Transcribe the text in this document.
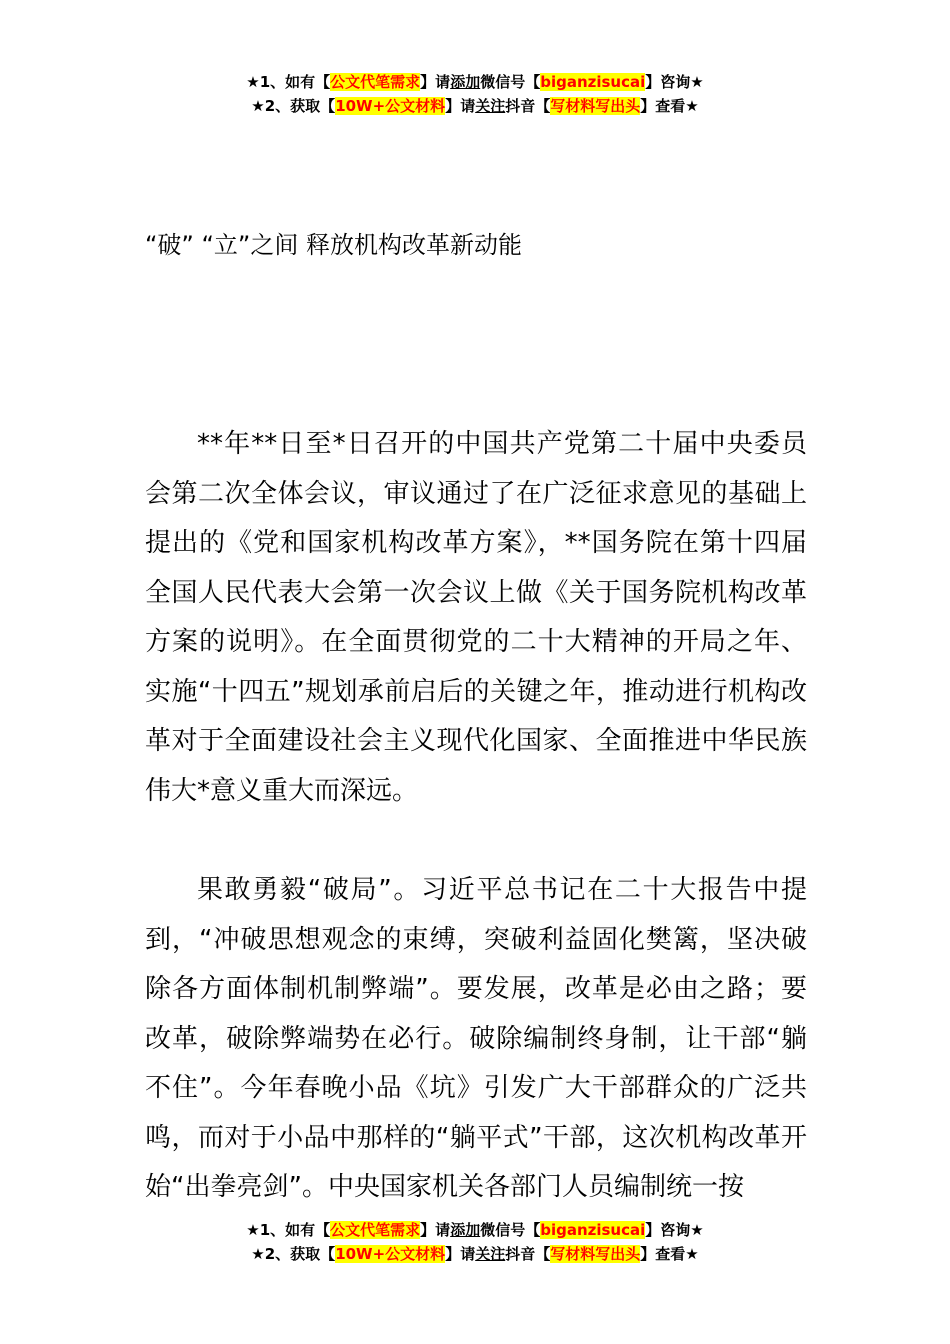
★1、如有【公文代笔需求】请添加微信号【biganzisucai】咨询★
★2、获取【10W+公文材料】请关注抖音【写材料写出头】查看★
“破” “立”之间 释放机构改革新动能

**年**日至*日召开的中国共产党第二十届中央委员会第二次全体会议，审议通过了在广泛征求意见的基础上提出的《党和国家机构改革方案》，**国务院在第十四届全国人民代表大会第一次会议上做《关于国务院机构改革方案的说明》。在全面贯彻党的二十大精神的开局之年、实施“十四五”规划承前启后的关键之年，推动进行机构改革对于全面建设社会主义现代化国家、全面推进中华民族伟大*意义重大而深远。

果敢勇毅“破局”。习近平总书记在二十大报告中提到，“冲破思想观念的束缚，突破利益固化樊篱，坚决破除各方面体制机制弊端”。要发展，改革是必由之路；要改革，破除弊端势在必行。破除编制终身制，让干部“躺不住”。今年春晚小品《坑》引发广大干部群众的广泛共鸣，而对于小品中那样的“躺平式”干部，这次机构改革开始“出拳亮剑”。中央国家机关各部门人员编制统一按

★1、如有【公文代笔需求】请添加微信号【biganzisucai】咨询★
★2、获取【10W+公文材料】请关注抖音【写材料写出头】查看★
